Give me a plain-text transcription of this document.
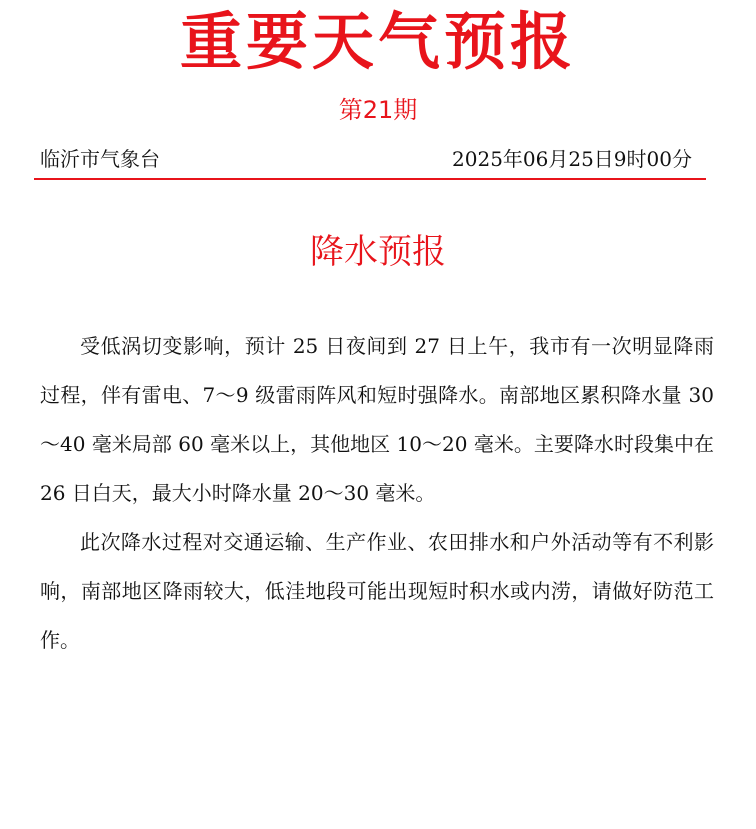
重要天气预报
第21期
临沂市气象台	2025年06月25日9时00分
降水预报

受低涡切变影响，预计 25 日夜间到 27 日上午，我市有一次明显降雨过程，伴有雷电、7～9 级雷雨阵风和短时强降水。南部地区累积降水量 30～40 毫米局部 60 毫米以上，其他地区 10～20 毫米。主要降水时段集中在 26 日白天，最大小时降水量 20～30 毫米。

此次降水过程对交通运输、生产作业、农田排水和户外活动等有不利影响，南部地区降雨较大，低洼地段可能出现短时积水或内涝，请做好防范工作。
